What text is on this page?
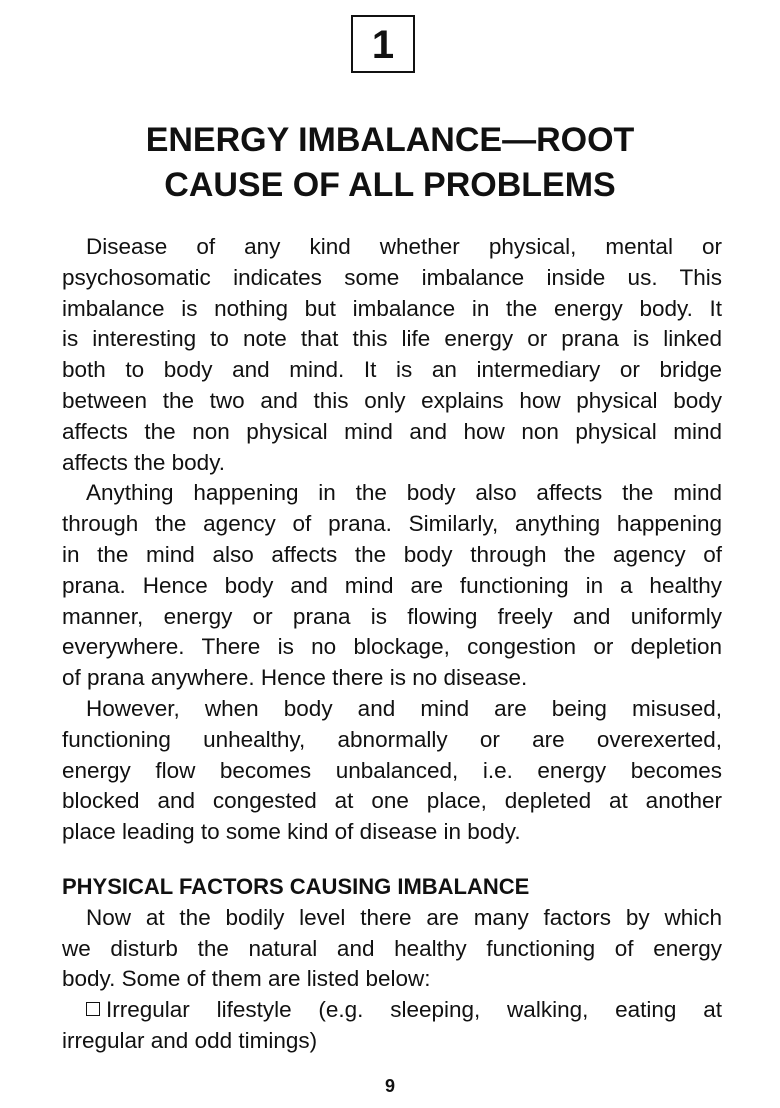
1
ENERGY IMBALANCE—ROOT
CAUSE OF ALL PROBLEMS
Disease of any kind whether physical, mental or
psychosomatic indicates some imbalance inside us. This
imbalance is nothing but imbalance in the energy body. It
is interesting to note that this life energy or prana is linked
both to body and mind. It is an intermediary or bridge
between the two and this only explains how physical body
affects the non physical mind and how non physical mind
affects the body.
Anything happening in the body also affects the mind
through the agency of prana. Similarly, anything happening
in the mind also affects the body through the agency of
prana. Hence body and mind are functioning in a healthy
manner, energy or prana is flowing freely and uniformly
everywhere. There is no blockage, congestion or depletion
of prana anywhere. Hence there is no disease.
However, when body and mind are being misused,
functioning unhealthy, abnormally or are overexerted,
energy flow becomes unbalanced, i.e. energy becomes
blocked and congested at one place, depleted at another
place leading to some kind of disease in body.
PHYSICAL FACTORS CAUSING IMBALANCE
Now at the bodily level there are many factors by which
we disturb the natural and healthy functioning of energy
body. Some of them are listed below:
Irregular lifestyle (e.g. sleeping, walking, eating at
irregular and odd timings)
9
